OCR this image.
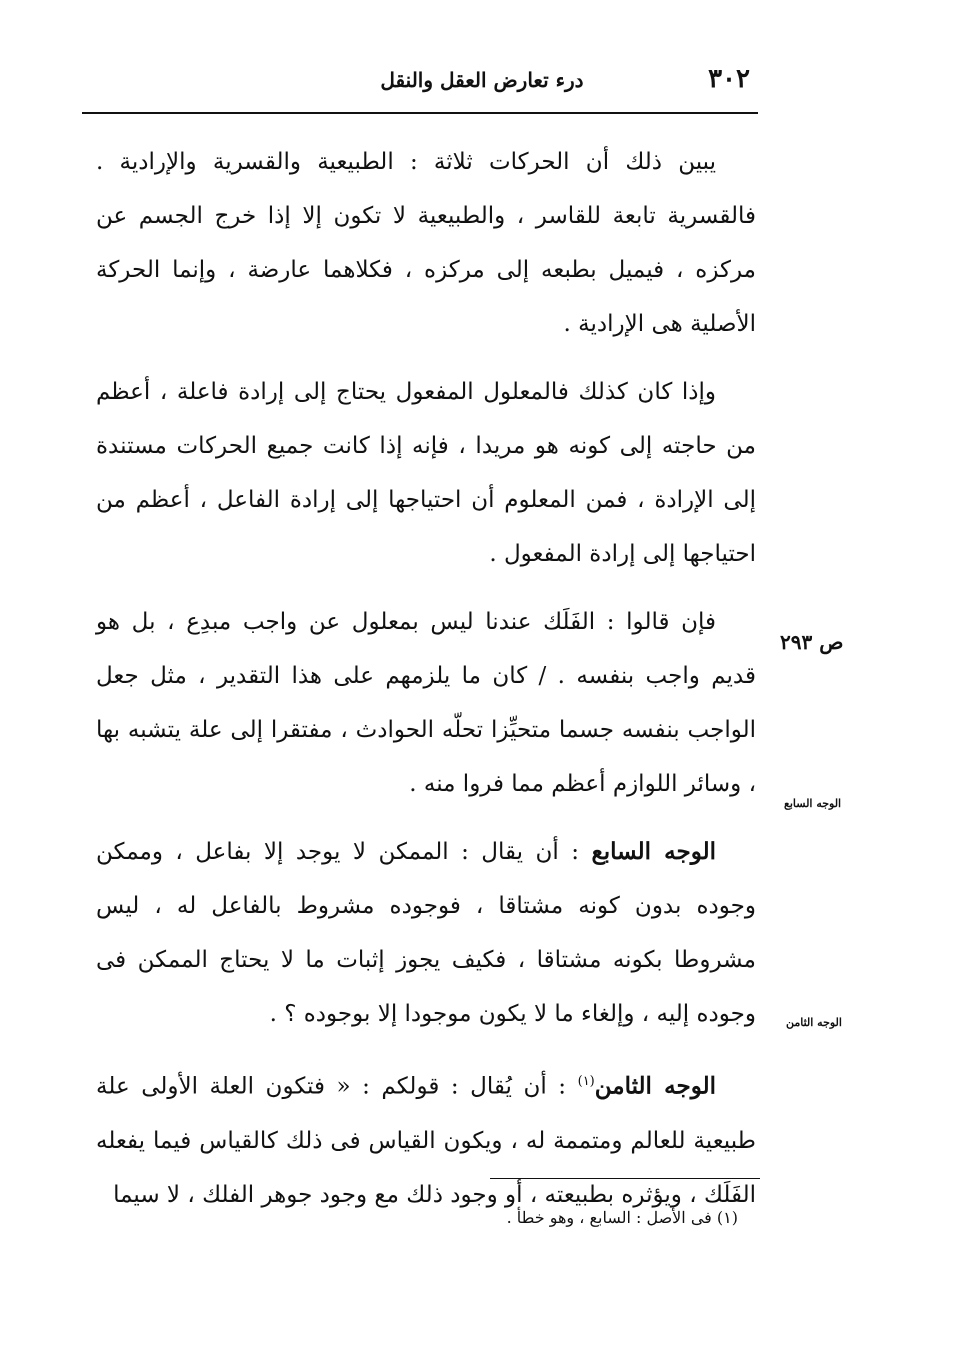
٣٠٢
درء تعارض العقل والنقل

يبين ذلك أن الحركات ثلاثة : الطبيعية والقسرية والإرادية . فالقسرية تابعة للقاسر ، والطبيعية لا تكون إلا إذا خرج الجسم عن مركزه ، فيميل بطبعه إلى مركزه ، فكلاهما عارضة ، وإنما الحركة الأصلية هى الإرادية .

وإذا كان كذلك فالمعلول المفعول يحتاج إلى إرادة فاعلة ، أعظم من حاجته إلى كونه هو مريدا ، فإنه إذا كانت جميع الحركات مستندة إلى الإرادة ، فمن المعلوم أن احتياجها إلى إرادة الفاعل ، أعظم من احتياجها إلى إرادة المفعول .

فإن قالوا : الفَلَك عندنا ليس بمعلول عن واجب مبدِع ، بل هو قديم واجب بنفسه . / كان ما يلزمهم على هذا التقدير ، مثل جعل الواجب بنفسه جسما متحيِّزا تحلّه الحوادث ، مفتقرا إلى علة يتشبه بها ، وسائر اللوازم أعظم مما فروا منه .

الوجه السابع : أن يقال : الممكن لا يوجد إلا بفاعل ، وممكن وجوده بدون كونه مشتاقا ، فوجوده مشروط بالفاعل له ، ليس مشروطا بكونه مشتاقا ، فكيف يجوز إثبات ما لا يحتاج الممكن فى وجوده إليه ، وإلغاء ما لا يكون موجودا إلا بوجوده ؟ .

الوجه الثامن$^{(١)}$ : أن يُقال : قولكم : « فتكون العلة الأولى علة طبيعية للعالم ومتممة له ، ويكون القياس فى ذلك كالقياس فيما يفعله الفَلَك ، ويؤثره بطبيعته ، أو وجود ذلك مع وجود جوهر الفلك ، لا سيما

ص ٢٩٣
الوجه السابع
الوجه الثامن
(١) فى الأصل : السابع ، وهو خطأ .
